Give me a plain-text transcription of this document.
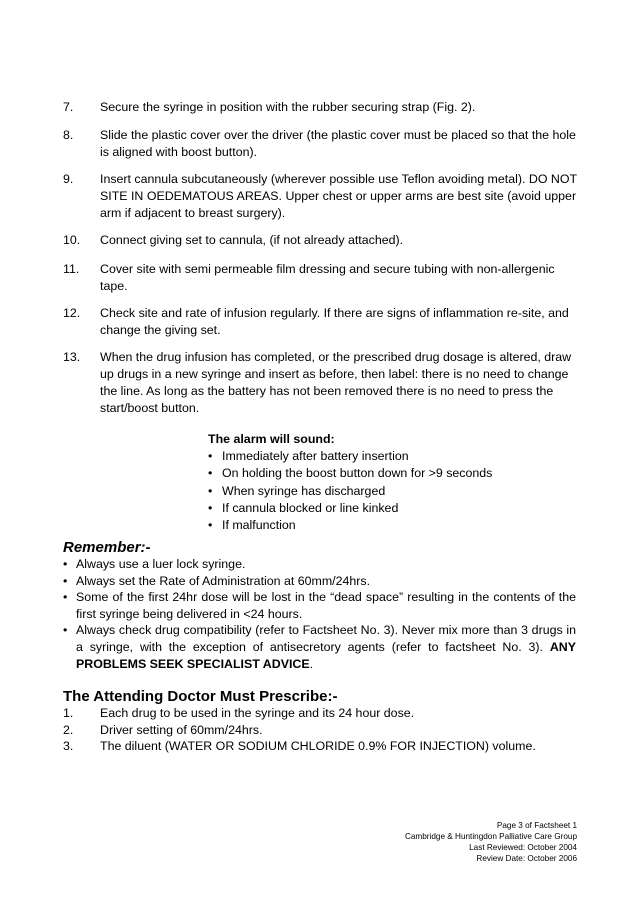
7. Secure the syringe in position with the rubber securing strap (Fig. 2).
8. Slide the plastic cover over the driver (the plastic cover must be placed so that the hole is aligned with boost button).
9. Insert cannula subcutaneously (wherever possible use Teflon avoiding metal). DO NOT SITE IN OEDEMATOUS AREAS. Upper chest or upper arms are best site (avoid upper arm if adjacent to breast surgery).
10. Connect giving set to cannula, (if not already attached).
11. Cover site with semi permeable film dressing and secure tubing with non-allergenic tape.
12. Check site and rate of infusion regularly. If there are signs of inflammation re-site, and change the giving set.
13. When the drug infusion has completed, or the prescribed drug dosage is altered, draw up drugs in a new syringe and insert as before, then label: there is no need to change the line. As long as the battery has not been removed there is no need to press the start/boost button.
The alarm will sound:
• Immediately after battery insertion
• On holding the boost button down for >9 seconds
• When syringe has discharged
• If cannula blocked or line kinked
• If malfunction
Remember:-
• Always use a luer lock syringe.
• Always set the Rate of Administration at 60mm/24hrs.
• Some of the first 24hr dose will be lost in the “dead space” resulting in the contents of the first syringe being delivered in <24 hours.
• Always check drug compatibility (refer to Factsheet No. 3). Never mix more than 3 drugs in a syringe, with the exception of antisecretory agents (refer to factsheet No. 3). ANY PROBLEMS SEEK SPECIALIST ADVICE.
The Attending Doctor Must Prescribe:-
1. Each drug to be used in the syringe and its 24 hour dose.
2. Driver setting of 60mm/24hrs.
3. The diluent (WATER OR SODIUM CHLORIDE 0.9% FOR INJECTION) volume.
Page 3 of Factsheet 1
Cambridge & Huntingdon Palliative Care Group
Last Reviewed: October 2004
Review Date: October 2006
